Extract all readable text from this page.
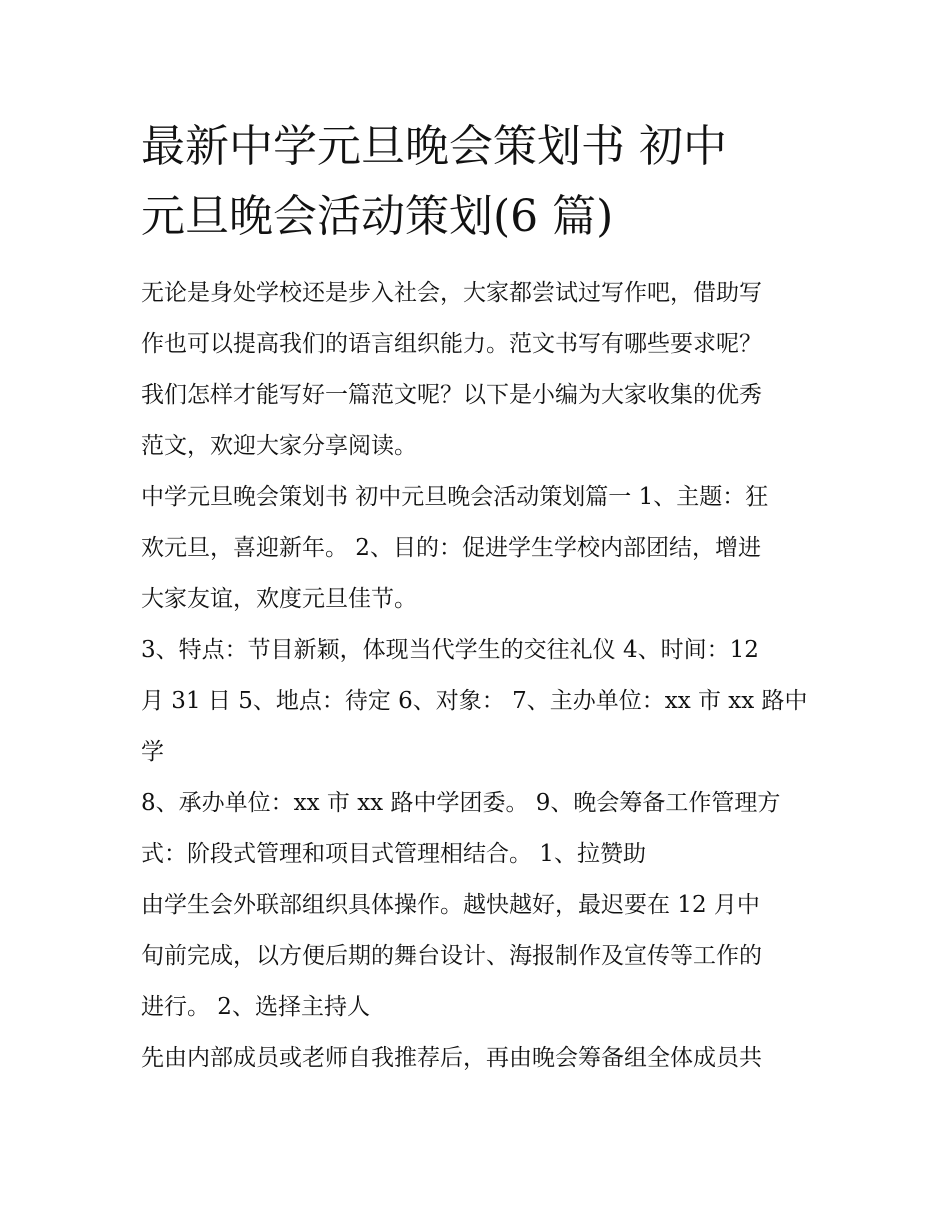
最新中学元旦晚会策划书 初中
元旦晚会活动策划(6 篇)

无论是身处学校还是步入社会，大家都尝试过写作吧，借助写
作也可以提高我们的语言组织能力。范文书写有哪些要求呢？
我们怎样才能写好一篇范文呢？以下是小编为大家收集的优秀
范文，欢迎大家分享阅读。

中学元旦晚会策划书 初中元旦晚会活动策划篇一 1、主题：狂
欢元旦，喜迎新年。 2、目的：促进学生学校内部团结，增进
大家友谊，欢度元旦佳节。

3、特点：节目新颖，体现当代学生的交往礼仪 4、时间：12
月 31 日 5、地点：待定 6、对象： 7、主办单位：xx 市 xx 路中
学

8、承办单位：xx 市 xx 路中学团委。 9、晚会筹备工作管理方
式：阶段式管理和项目式管理相结合。 1、拉赞助

由学生会外联部组织具体操作。越快越好，最迟要在 12 月中
旬前完成，以方便后期的舞台设计、海报制作及宣传等工作的
进行。 2、选择主持人

先由内部成员或老师自我推荐后，再由晚会筹备组全体成员共
